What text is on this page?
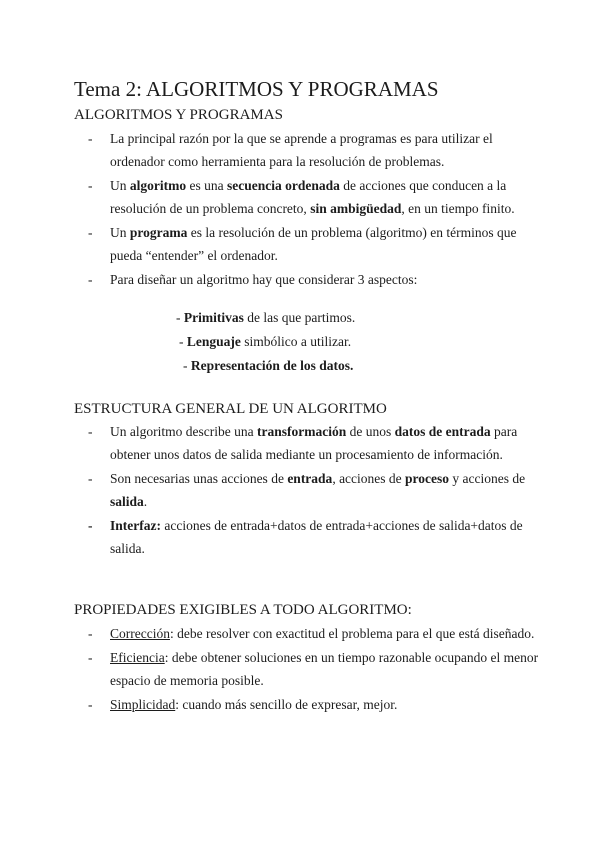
Tema 2: ALGORITMOS Y PROGRAMAS
ALGORITMOS Y PROGRAMAS
- La principal razón por la que se aprende a programas es para utilizar el ordenador como herramienta para la resolución de problemas.
- Un algoritmo es una secuencia ordenada de acciones que conducen a la resolución de un problema concreto, sin ambigüedad, en un tiempo finito.
- Un programa es la resolución de un problema (algoritmo) en términos que pueda “entender” el ordenador.
- Para diseñar un algoritmo hay que considerar 3 aspectos:
- Primitivas de las que partimos.
- Lenguaje simbólico a utilizar.
- Representación de los datos.
ESTRUCTURA GENERAL DE UN ALGORITMO
- Un algoritmo describe una transformación de unos datos de entrada para obtener unos datos de salida mediante un procesamiento de información.
- Son necesarias unas acciones de entrada, acciones de proceso y acciones de salida.
- Interfaz: acciones de entrada+datos de entrada+acciones de salida+datos de salida.
PROPIEDADES EXIGIBLES A TODO ALGORITMO:
- Corrección: debe resolver con exactitud el problema para el que está diseñado.
- Eficiencia: debe obtener soluciones en un tiempo razonable ocupando el menor espacio de memoria posible.
- Simplicidad: cuando más sencillo de expresar, mejor.
